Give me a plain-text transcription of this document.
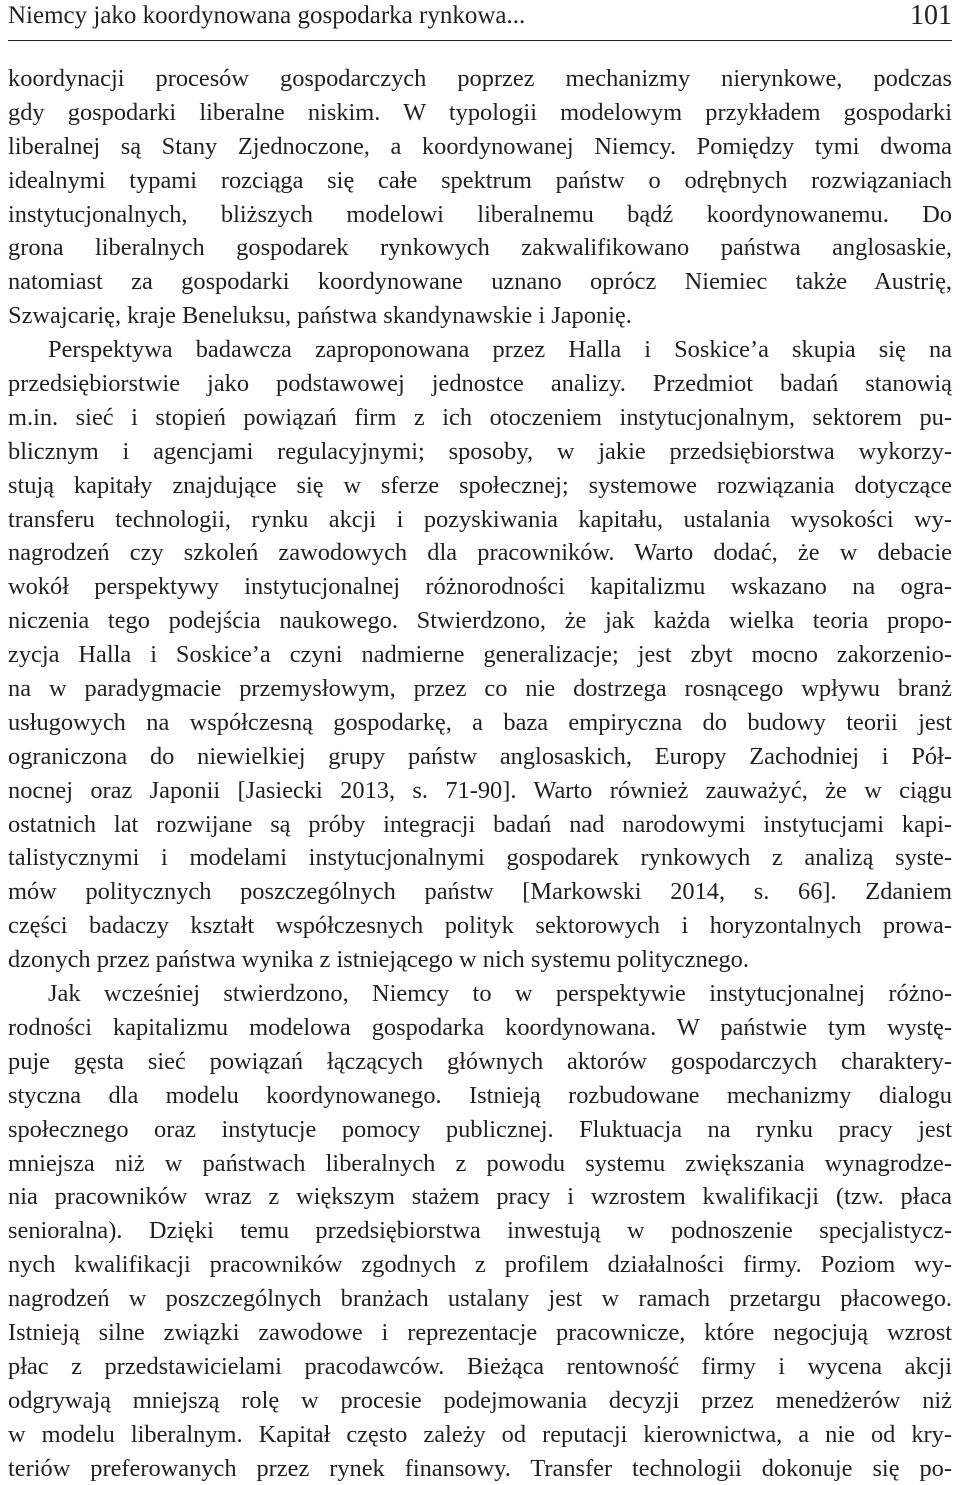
Niemcy jako koordynowana gospodarka rynkowa...	101
koordynacji procesów gospodarczych poprzez mechanizmy nierynkowe, podczas
gdy gospodarki liberalne niskim. W typologii modelowym przykładem gospodarki
liberalnej są Stany Zjednoczone, a koordynowanej Niemcy. Pomiędzy tymi dwoma
idealnymi typami rozciąga się całe spektrum państw o odrębnych rozwiązaniach
instytucjonalnych, bliższych modelowi liberalnemu bądź koordynowanemu. Do
grona liberalnych gospodarek rynkowych zakwalifikowano państwa anglosaskie,
natomiast za gospodarki koordynowane uznano oprócz Niemiec także Austrię,
Szwajcarię, kraje Beneluksu, państwa skandynawskie i Japonię.
Perspektywa badawcza zaproponowana przez Halla i Soskice’a skupia się na
przedsiębiorstwie jako podstawowej jednostce analizy. Przedmiot badań stanowią
m.in. sieć i stopień powiązań firm z ich otoczeniem instytucjonalnym, sektorem pu-
blicznym i agencjami regulacyjnymi; sposoby, w jakie przedsiębiorstwa wykorzy-
stują kapitały znajdujące się w sferze społecznej; systemowe rozwiązania dotyczące
transferu technologii, rynku akcji i pozyskiwania kapitału, ustalania wysokości wy-
nagrodzeń czy szkoleń zawodowych dla pracowników. Warto dodać, że w debacie
wokół perspektywy instytucjonalnej różnorodności kapitalizmu wskazano na ogra-
niczenia tego podejścia naukowego. Stwierdzono, że jak każda wielka teoria propo-
zycja Halla i Soskice’a czyni nadmierne generalizacje; jest zbyt mocno zakorzenio-
na w paradygmacie przemysłowym, przez co nie dostrzega rosnącego wpływu branż
usługowych na współczesną gospodarkę, a baza empiryczna do budowy teorii jest
ograniczona do niewielkiej grupy państw anglosaskich, Europy Zachodniej i Pół-
nocnej oraz Japonii [Jasiecki 2013, s. 71-90]. Warto również zauważyć, że w ciągu
ostatnich lat rozwijane są próby integracji badań nad narodowymi instytucjami kapi-
talistycznymi i modelami instytucjonalnymi gospodarek rynkowych z analizą syste-
mów politycznych poszczególnych państw [Markowski 2014, s. 66]. Zdaniem
części badaczy kształt współczesnych polityk sektorowych i horyzontalnych prowa-
dzonych przez państwa wynika z istniejącego w nich systemu politycznego.
Jak wcześniej stwierdzono, Niemcy to w perspektywie instytucjonalnej różno-
rodności kapitalizmu modelowa gospodarka koordynowana. W państwie tym wystę-
puje gęsta sieć powiązań łączących głównych aktorów gospodarczych charaktery-
styczna dla modelu koordynowanego. Istnieją rozbudowane mechanizmy dialogu
społecznego oraz instytucje pomocy publicznej. Fluktuacja na rynku pracy jest
mniejsza niż w państwach liberalnych z powodu systemu zwiększania wynagrodze-
nia pracowników wraz z większym stażem pracy i wzrostem kwalifikacji (tzw. płaca
senioralna). Dzięki temu przedsiębiorstwa inwestują w podnoszenie specjalistycz-
nych kwalifikacji pracowników zgodnych z profilem działalności firmy. Poziom wy-
nagrodzeń w poszczególnych branżach ustalany jest w ramach przetargu płacowego.
Istnieją silne związki zawodowe i reprezentacje pracownicze, które negocjują wzrost
płac z przedstawicielami pracodawców. Bieżąca rentowność firmy i wycena akcji
odgrywają mniejszą rolę w procesie podejmowania decyzji przez menedżerów niż
w modelu liberalnym. Kapitał często zależy od reputacji kierownictwa, a nie od kry-
teriów preferowanych przez rynek finansowy. Transfer technologii dokonuje się po-
